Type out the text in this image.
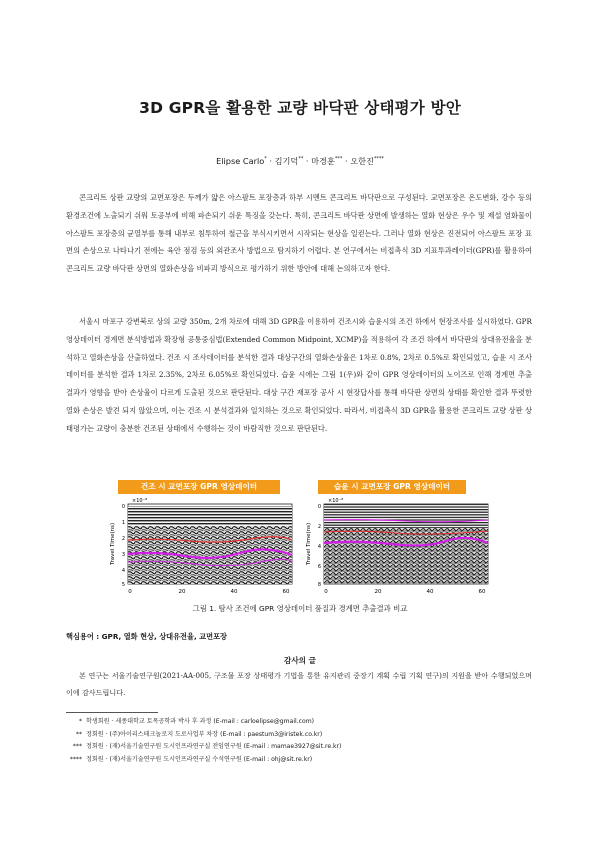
3D GPR을 활용한 교량 바닥판 상태평가 방안
Elipse Carlo* · 김기덕** · 마경훈*** · 오한진****

콘크리트 상판 교량의 교면포장은 두께가 얇은 아스팔트 포장층과 하부 시멘트 콘크리트 바닥판으로 구성된다. 교면포장은 온도변화, 강수 등의 환경조건에 노출되기 쉬워 토공부에 비해 파손되기 쉬운 특징을 갖는다. 특히, 콘크리트 바닥판 상면에 발생하는 열화 현상은 우수 및 제설 염화물이 아스팔트 포장층의 균열부를 통해 내부로 침투하여 철근을 부식시키면서 시작되는 현상을 일컫는다. 그러나 열화 현상은 진전되어 아스팔트 포장 표면의 손상으로 나타나기 전에는 육안 점검 등의 외관조사 방법으로 탐지하기 어렵다. 본 연구에서는 비접촉식 3D 지표투과레이더(GPR)를 활용하여 콘크리트 교량 바닥판 상면의 열화손상을 비파괴 방식으로 평가하기 위한 방안에 대해 논의하고자 한다.

서울시 마포구 강변북로 상의 교량 350m, 2개 차로에 대해 3D GPR을 이용하여 건조시와 습윤시의 조건 하에서 현장조사를 실시하였다. GPR 영상데이터 경계면 분석방법과 확장형 공통중심법(Extended Common Midpoint, XCMP)을 적용하여 각 조건 하에서 바닥판의 상대유전율을 분석하고 열화손상을 산출하였다. 건조 시 조사데이터를 분석한 결과 대상구간의 열화손상율은 1차로 0.8%, 2차로 0.5%로 확인되었고, 습윤 시 조사데이터를 분석한 결과 1차로 2.35%, 2차로 6.05%로 확인되었다. 습윤 시에는 그림 1(우)와 같이 GPR 영상데이터의 노이즈로 인해 경계면 추출 결과가 영향을 받아 손상율이 다르게 도출된 것으로 판단된다. 대상 구간 재포장 공사 시 현장답사를 통해 바닥판 상면의 상태를 확인한 결과 뚜렷한 열화 손상은 발견 되지 않았으며, 이는 건조 시 분석결과와 일치하는 것으로 확인되었다. 따라서, 비접촉식 3D GPR을 활용한 콘크리트 교량 상판 상태평가는 교량이 충분한 건조된 상태에서 수행하는 것이 바람직한 것으로 판단된다.

건조 시 교면포장 GPR 영상데이터	습윤 시 교면포장 GPR 영상데이터
×10⁻⁸
Travel Time(ns)
0
1
2
3
4
5
0	20	40	60
×10⁻⁸
Travel Time(ns)
0
2
4
6
8
0	20	40	60
그림 1. 탐사 조건에 GPR 영상데이터 품질과 경계면 추출결과 비교
핵심용어 : GPR, 열화 현상, 상대유전율, 교면포장
감사의 글
본 연구는 서울기술연구원(2021-AA-005, 구조물 포장 상태평가 기법을 통한 유지관리 중장기 계획 수립 기획 연구)의 지원을 받아 수행되었으며 이에 감사드립니다.
* 학생회원 · 세종대학교 토목공학과 박사 후 과정 (E-mail : carloelipse@gmail.com)
** 정회원 · (주)아이리스테크놀로지 도로사업부 차장 (E-mail : paestum3@iristek.co.kr)
*** 정회원 · (재)서울기술연구원 도시인프라연구실 전임연구원 (E-mail : mamae3927@sit.re.kr)
**** 정회원 · (재)서울기술연구원 도시인프라연구실 수석연구원 (E-mail : ohj@sit.re.kr)
